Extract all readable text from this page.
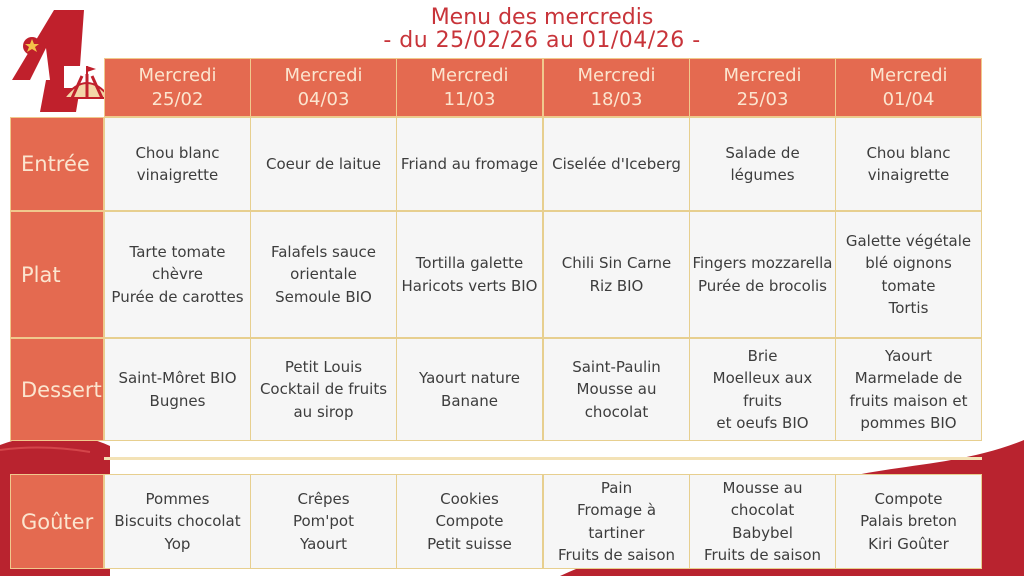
Menu des mercredis
- du 25/02/26 au 01/04/26 -
Mercredi
25/02
Mercredi
04/03
Mercredi
11/03
Mercredi
18/03
Mercredi
25/03
Mercredi
01/04
Entrée	Chou blanc
vinaigrette
Coeur de laitue Friand au fromage Ciselée d'Iceberg
Salade de légumes
Chou blanc
vinaigrette
Plat
Tarte tomate
chèvre
Purée de carottes
Falafels sauce
orientale
Semoule BIO
Tortilla galette
Haricots verts BIO
Chili Sin Carne
Riz BIO
Fingers mozzarella
Purée de brocolis
Galette végétale
blé oignons tomate
Tortis
Dessert Saint-Môret BIO
Bugnes
Petit Louis
Cocktail de fruits
au sirop
Yaourt nature
Banane
Saint-Paulin
Mousse au
chocolat
Brie
Moelleux aux fruits
et oeufs BIO
Yaourt
Marmelade de
fruits maison et
pommes BIO
Goûter
Pommes
Biscuits chocolat
Yop
Crêpes
Pom'pot
Yaourt
Cookies
Compote
Petit suisse
Pain
Fromage à
tartiner
Fruits de saison
Mousse au
chocolat
Babybel
Fruits de saison
Compote
Palais breton
Kiri Goûter
